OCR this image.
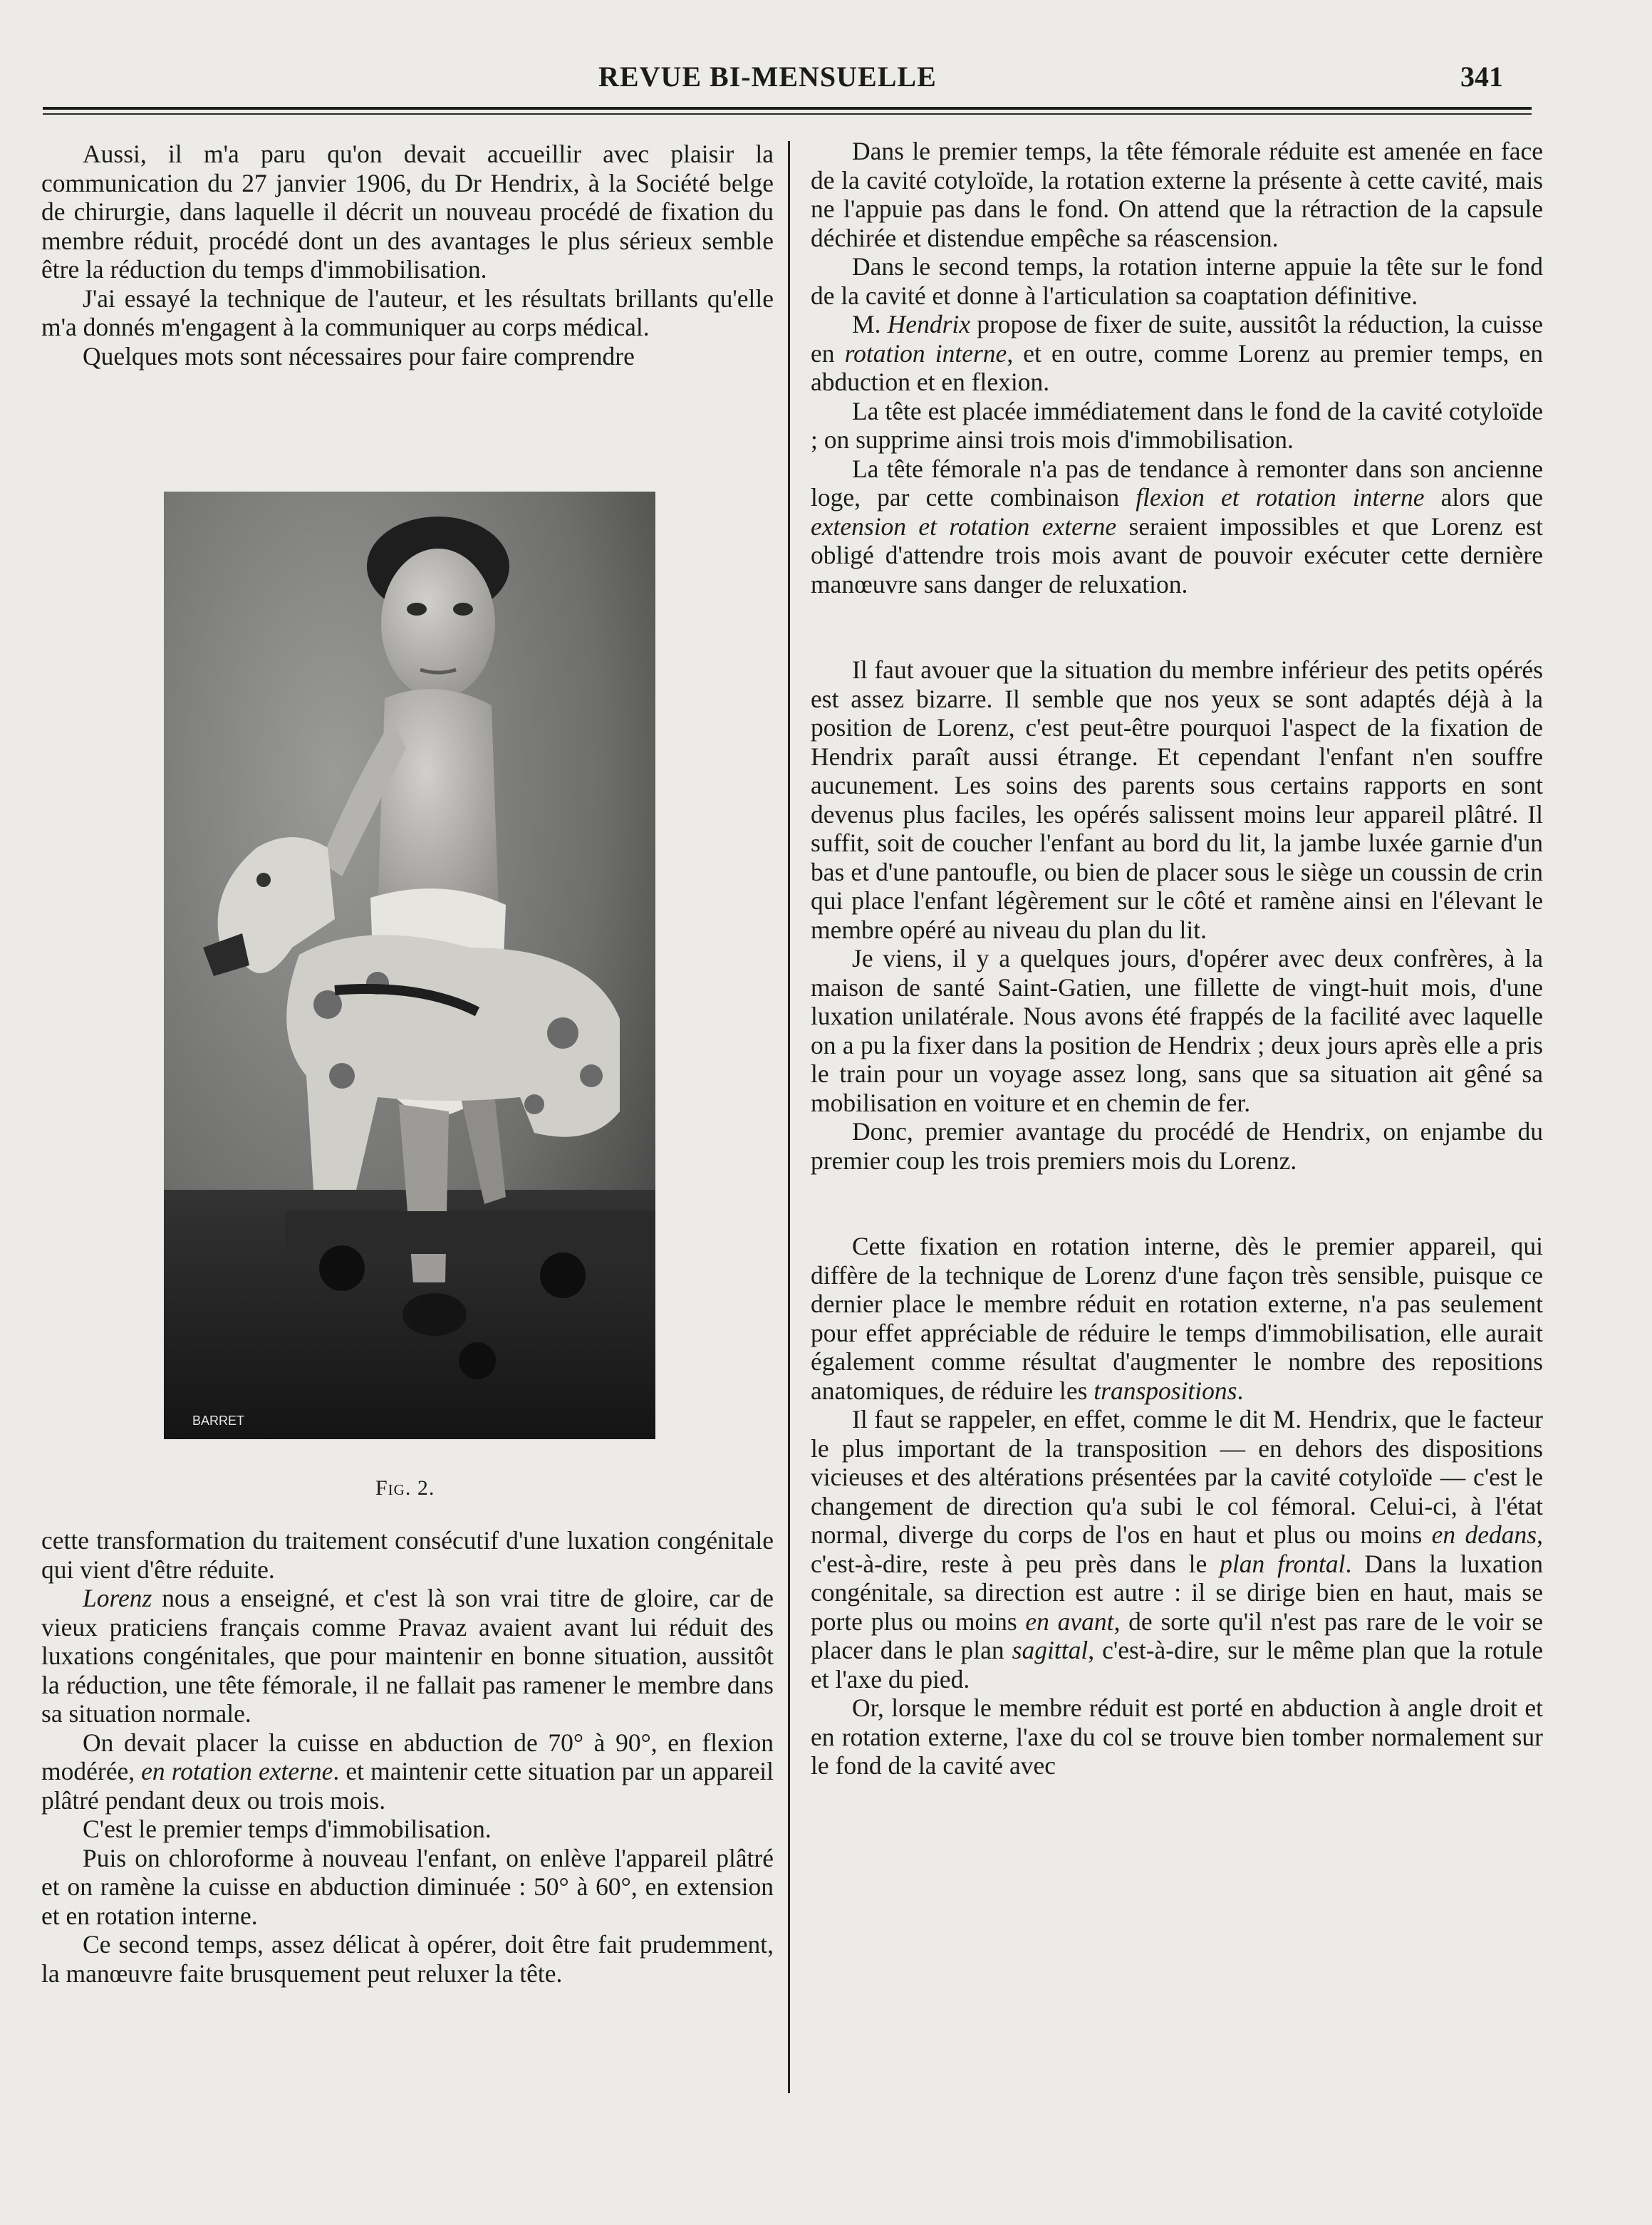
REVUE BI-MENSUELLE	341

Aussi, il m'a paru qu'on devait accueillir avec plaisir la communication du 27 janvier 1906, du Dr Hendrix, à la Société belge de chirurgie, dans laquelle il décrit un nouveau procédé de fixation du membre réduit, procédé dont un des avantages le plus sérieux semble être la réduction du temps d'immobilisation.

J'ai essayé la technique de l'auteur, et les résultats brillants qu'elle m'a donnés m'engagent à la communiquer au corps médical.

Quelques mots sont nécessaires pour faire comprendre

BARRET
Fig. 2.

cette transformation du traitement consécutif d'une luxation congénitale qui vient d'être réduite.

Lorenz nous a enseigné, et c'est là son vrai titre de gloire, car de vieux praticiens français comme Pravaz avaient avant lui réduit des luxations congénitales, que pour maintenir en bonne situation, aussitôt la réduction, une tête fémorale, il ne fallait pas ramener le membre dans sa situation normale.

On devait placer la cuisse en abduction de 70° à 90°, en flexion modérée, en rotation externe. et maintenir cette situation par un appareil plâtré pendant deux ou trois mois.

C'est le premier temps d'immobilisation.

Puis on chloroforme à nouveau l'enfant, on enlève l'appareil plâtré et on ramène la cuisse en abduction diminuée : 50° à 60°, en extension et en rotation interne.

Ce second temps, assez délicat à opérer, doit être fait prudemment, la manœuvre faite brusquement peut reluxer la tête.

Dans le premier temps, la tête fémorale réduite est amenée en face de la cavité cotyloïde, la rotation externe la présente à cette cavité, mais ne l'appuie pas dans le fond. On attend que la rétraction de la capsule déchirée et distendue empêche sa réascension.

Dans le second temps, la rotation interne appuie la tête sur le fond de la cavité et donne à l'articulation sa coaptation définitive.

M. Hendrix propose de fixer de suite, aussitôt la réduction, la cuisse en rotation interne, et en outre, comme Lorenz au premier temps, en abduction et en flexion.

La tête est placée immédiatement dans le fond de la cavité cotyloïde ; on supprime ainsi trois mois d'immobilisation.

La tête fémorale n'a pas de tendance à remonter dans son ancienne loge, par cette combinaison flexion et rotation interne alors que extension et rotation externe seraient impossibles et que Lorenz est obligé d'attendre trois mois avant de pouvoir exécuter cette dernière manœuvre sans danger de reluxation.

Il faut avouer que la situation du membre inférieur des petits opérés est assez bizarre. Il semble que nos yeux se sont adaptés déjà à la position de Lorenz, c'est peut-être pourquoi l'aspect de la fixation de Hendrix paraît aussi étrange. Et cependant l'enfant n'en souffre aucunement. Les soins des parents sous certains rapports en sont devenus plus faciles, les opérés salissent moins leur appareil plâtré. Il suffit, soit de coucher l'enfant au bord du lit, la jambe luxée garnie d'un bas et d'une pantoufle, ou bien de placer sous le siège un coussin de crin qui place l'enfant légèrement sur le côté et ramène ainsi en l'élevant le membre opéré au niveau du plan du lit.

Je viens, il y a quelques jours, d'opérer avec deux confrères, à la maison de santé Saint-Gatien, une fillette de vingt-huit mois, d'une luxation unilatérale. Nous avons été frappés de la facilité avec laquelle on a pu la fixer dans la position de Hendrix ; deux jours après elle a pris le train pour un voyage assez long, sans que sa situation ait gêné sa mobilisation en voiture et en chemin de fer.

Donc, premier avantage du procédé de Hendrix, on enjambe du premier coup les trois premiers mois du Lorenz.

Cette fixation en rotation interne, dès le premier appareil, qui diffère de la technique de Lorenz d'une façon très sensible, puisque ce dernier place le membre réduit en rotation externe, n'a pas seulement pour effet appréciable de réduire le temps d'immobilisation, elle aurait également comme résultat d'augmenter le nombre des repositions anatomiques, de réduire les transpositions.

Il faut se rappeler, en effet, comme le dit M. Hendrix, que le facteur le plus important de la transposition — en dehors des dispositions vicieuses et des altérations présentées par la cavité cotyloïde — c'est le changement de direction qu'a subi le col fémoral. Celui-ci, à l'état normal, diverge du corps de l'os en haut et plus ou moins en dedans, c'est-à-dire, reste à peu près dans le plan frontal. Dans la luxation congénitale, sa direction est autre : il se dirige bien en haut, mais se porte plus ou moins en avant, de sorte qu'il n'est pas rare de le voir se placer dans le plan sagittal, c'est-à-dire, sur le même plan que la rotule et l'axe du pied.

Or, lorsque le membre réduit est porté en abduction à angle droit et en rotation externe, l'axe du col se trouve bien tomber normalement sur le fond de la cavité avec
